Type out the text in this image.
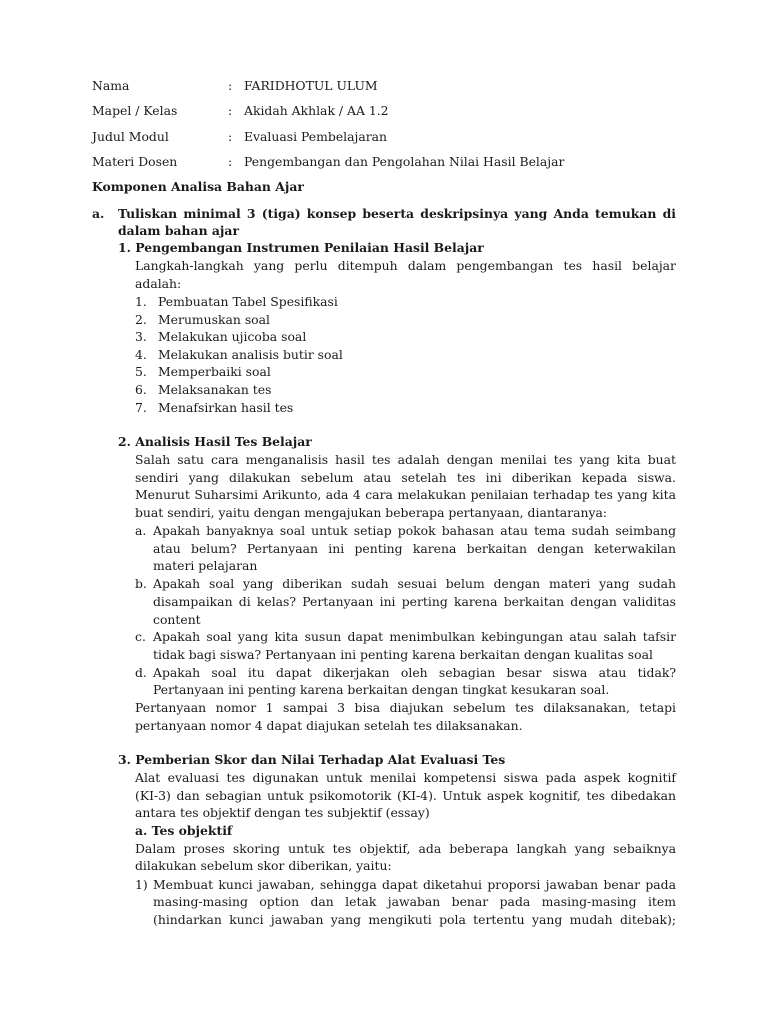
Nama	: FARIDHOTUL ULUM
Mapel / Kelas	: Akidah Akhlak / AA 1.2
Judul Modul	: Evaluasi Pembelajaran
Materi Dosen	: Pengembangan dan Pengolahan Nilai Hasil Belajar
Komponen Analisa Bahan Ajar
a. Tuliskan minimal 3 (tiga) konsep beserta deskripsinya yang Anda temukan di
dalam bahan ajar
1. Pengembangan Instrumen Penilaian Hasil Belajar
Langkah-langkah yang perlu ditempuh dalam pengembangan tes hasil belajar
adalah:
1. Pembuatan Tabel Spesifikasi
2. Merumuskan soal
3. Melakukan ujicoba soal
4. Melakukan analisis butir soal
5. Memperbaiki soal
6. Melaksanakan tes
7. Menafsirkan hasil tes
2. Analisis Hasil Tes Belajar
Salah satu cara menganalisis hasil tes adalah dengan menilai tes yang kita buat
sendiri yang dilakukan sebelum atau setelah tes ini diberikan kepada siswa.
Menurut Suharsimi Arikunto, ada 4 cara melakukan penilaian terhadap tes yang kita
buat sendiri, yaitu dengan mengajukan beberapa pertanyaan, diantaranya:
a. Apakah banyaknya soal untuk setiap pokok bahasan atau tema sudah seimbang
atau belum? Pertanyaan ini penting karena berkaitan dengan keterwakilan
materi pelajaran
b. Apakah soal yang diberikan sudah sesuai belum dengan materi yang sudah
disampaikan di kelas? Pertanyaan ini perting karena berkaitan dengan validitas
content
c. Apakah soal yang kita susun dapat menimbulkan kebingungan atau salah tafsir
tidak bagi siswa? Pertanyaan ini penting karena berkaitan dengan kualitas soal
d. Apakah soal itu dapat dikerjakan oleh sebagian besar siswa atau tidak?
Pertanyaan ini penting karena berkaitan dengan tingkat kesukaran soal.
Pertanyaan nomor 1 sampai 3 bisa diajukan sebelum tes dilaksanakan, tetapi
pertanyaan nomor 4 dapat diajukan setelah tes dilaksanakan.
3. Pemberian Skor dan Nilai Terhadap Alat Evaluasi Tes
Alat evaluasi tes digunakan untuk menilai kompetensi siswa pada aspek kognitif
(KI-3) dan sebagian untuk psikomotorik (KI-4). Untuk aspek kognitif, tes dibedakan
antara tes objektif dengan tes subjektif (essay)
a. Tes objektif
Dalam proses skoring untuk tes objektif, ada beberapa langkah yang sebaiknya
dilakukan sebelum skor diberikan, yaitu:
1) Membuat kunci jawaban, sehingga dapat diketahui proporsi jawaban benar pada
masing-masing option dan letak jawaban benar pada masing-masing item
(hindarkan kunci jawaban yang mengikuti pola tertentu yang mudah ditebak);
